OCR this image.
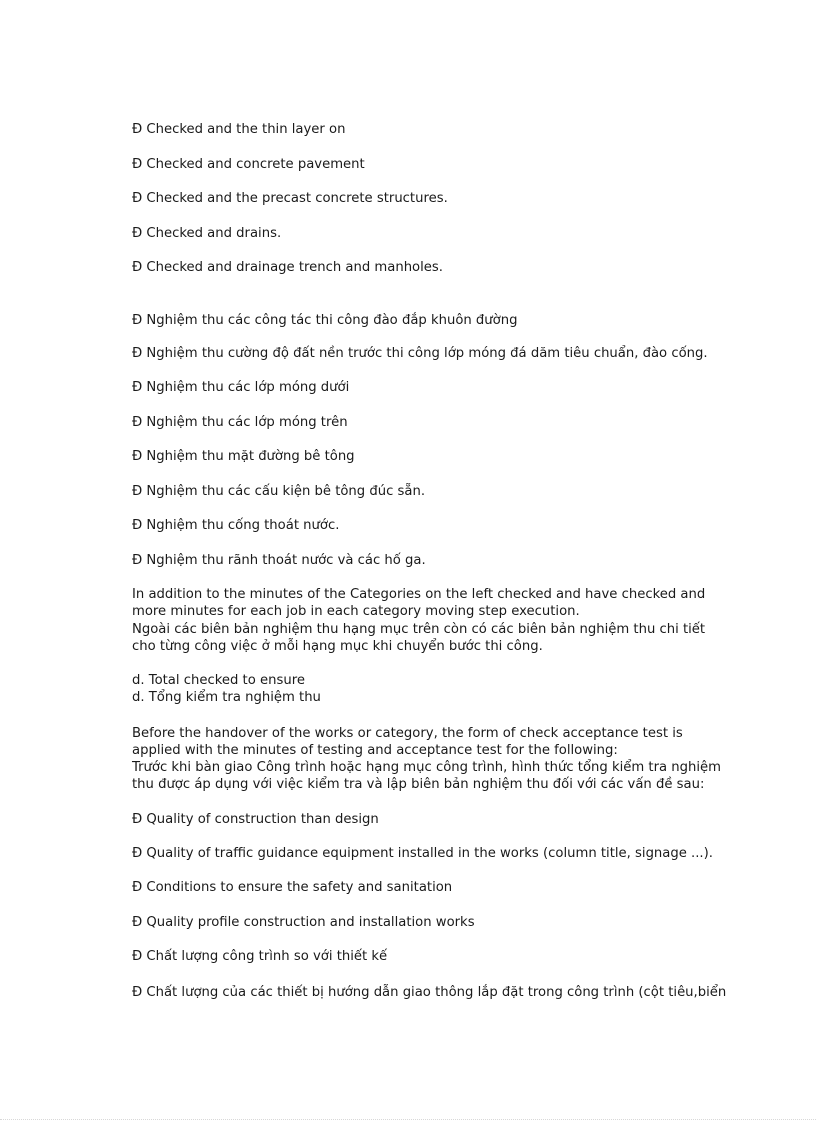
Đ Checked and the thin layer on
Đ Checked and concrete pavement
Đ Checked and the precast concrete structures.
Đ Checked and drains.
Đ Checked and drainage trench and manholes.
Đ Nghiệm thu các công tác thi công đào đắp khuôn đường
Đ Nghiệm thu cường độ đất nền trước thi công lớp móng đá dăm tiêu chuẩn, đào cống.
Đ Nghiệm thu các lớp móng dưới
Đ Nghiệm thu các lớp móng trên
Đ Nghiệm thu mặt đường bê tông
Đ Nghiệm thu các cấu kiện bê tông đúc sẵn.
Đ Nghiệm thu cống thoát nước.
Đ Nghiệm thu rãnh thoát nước và các hố ga.
In addition to the minutes of the Categories on the left checked and have checked and
more minutes for each job in each category moving step execution.
Ngoài các biên bản nghiệm thu hạng mục trên còn có các biên bản nghiệm thu chi tiết
cho từng công việc ở mỗi hạng mục khi chuyển bước thi công.
d. Total checked to ensure
d. Tổng kiểm tra nghiệm thu
Before the handover of the works or category, the form of check acceptance test is
applied with the minutes of testing and acceptance test for the following:
Trước khi bàn giao Công trình hoặc hạng mục công trình, hình thức tổng kiểm tra nghiệm
thu được áp dụng với việc kiểm tra và lập biên bản nghiệm thu đối với các vấn đề sau:
Đ Quality of construction than design
Đ Quality of traffic guidance equipment installed in the works (column title, signage ...).
Đ Conditions to ensure the safety and sanitation
Đ Quality profile construction and installation works
Đ Chất lượng công trình so với thiết kế
Đ Chất lượng của các thiết bị hướng dẫn giao thông lắp đặt trong công trình (cột tiêu,biển
